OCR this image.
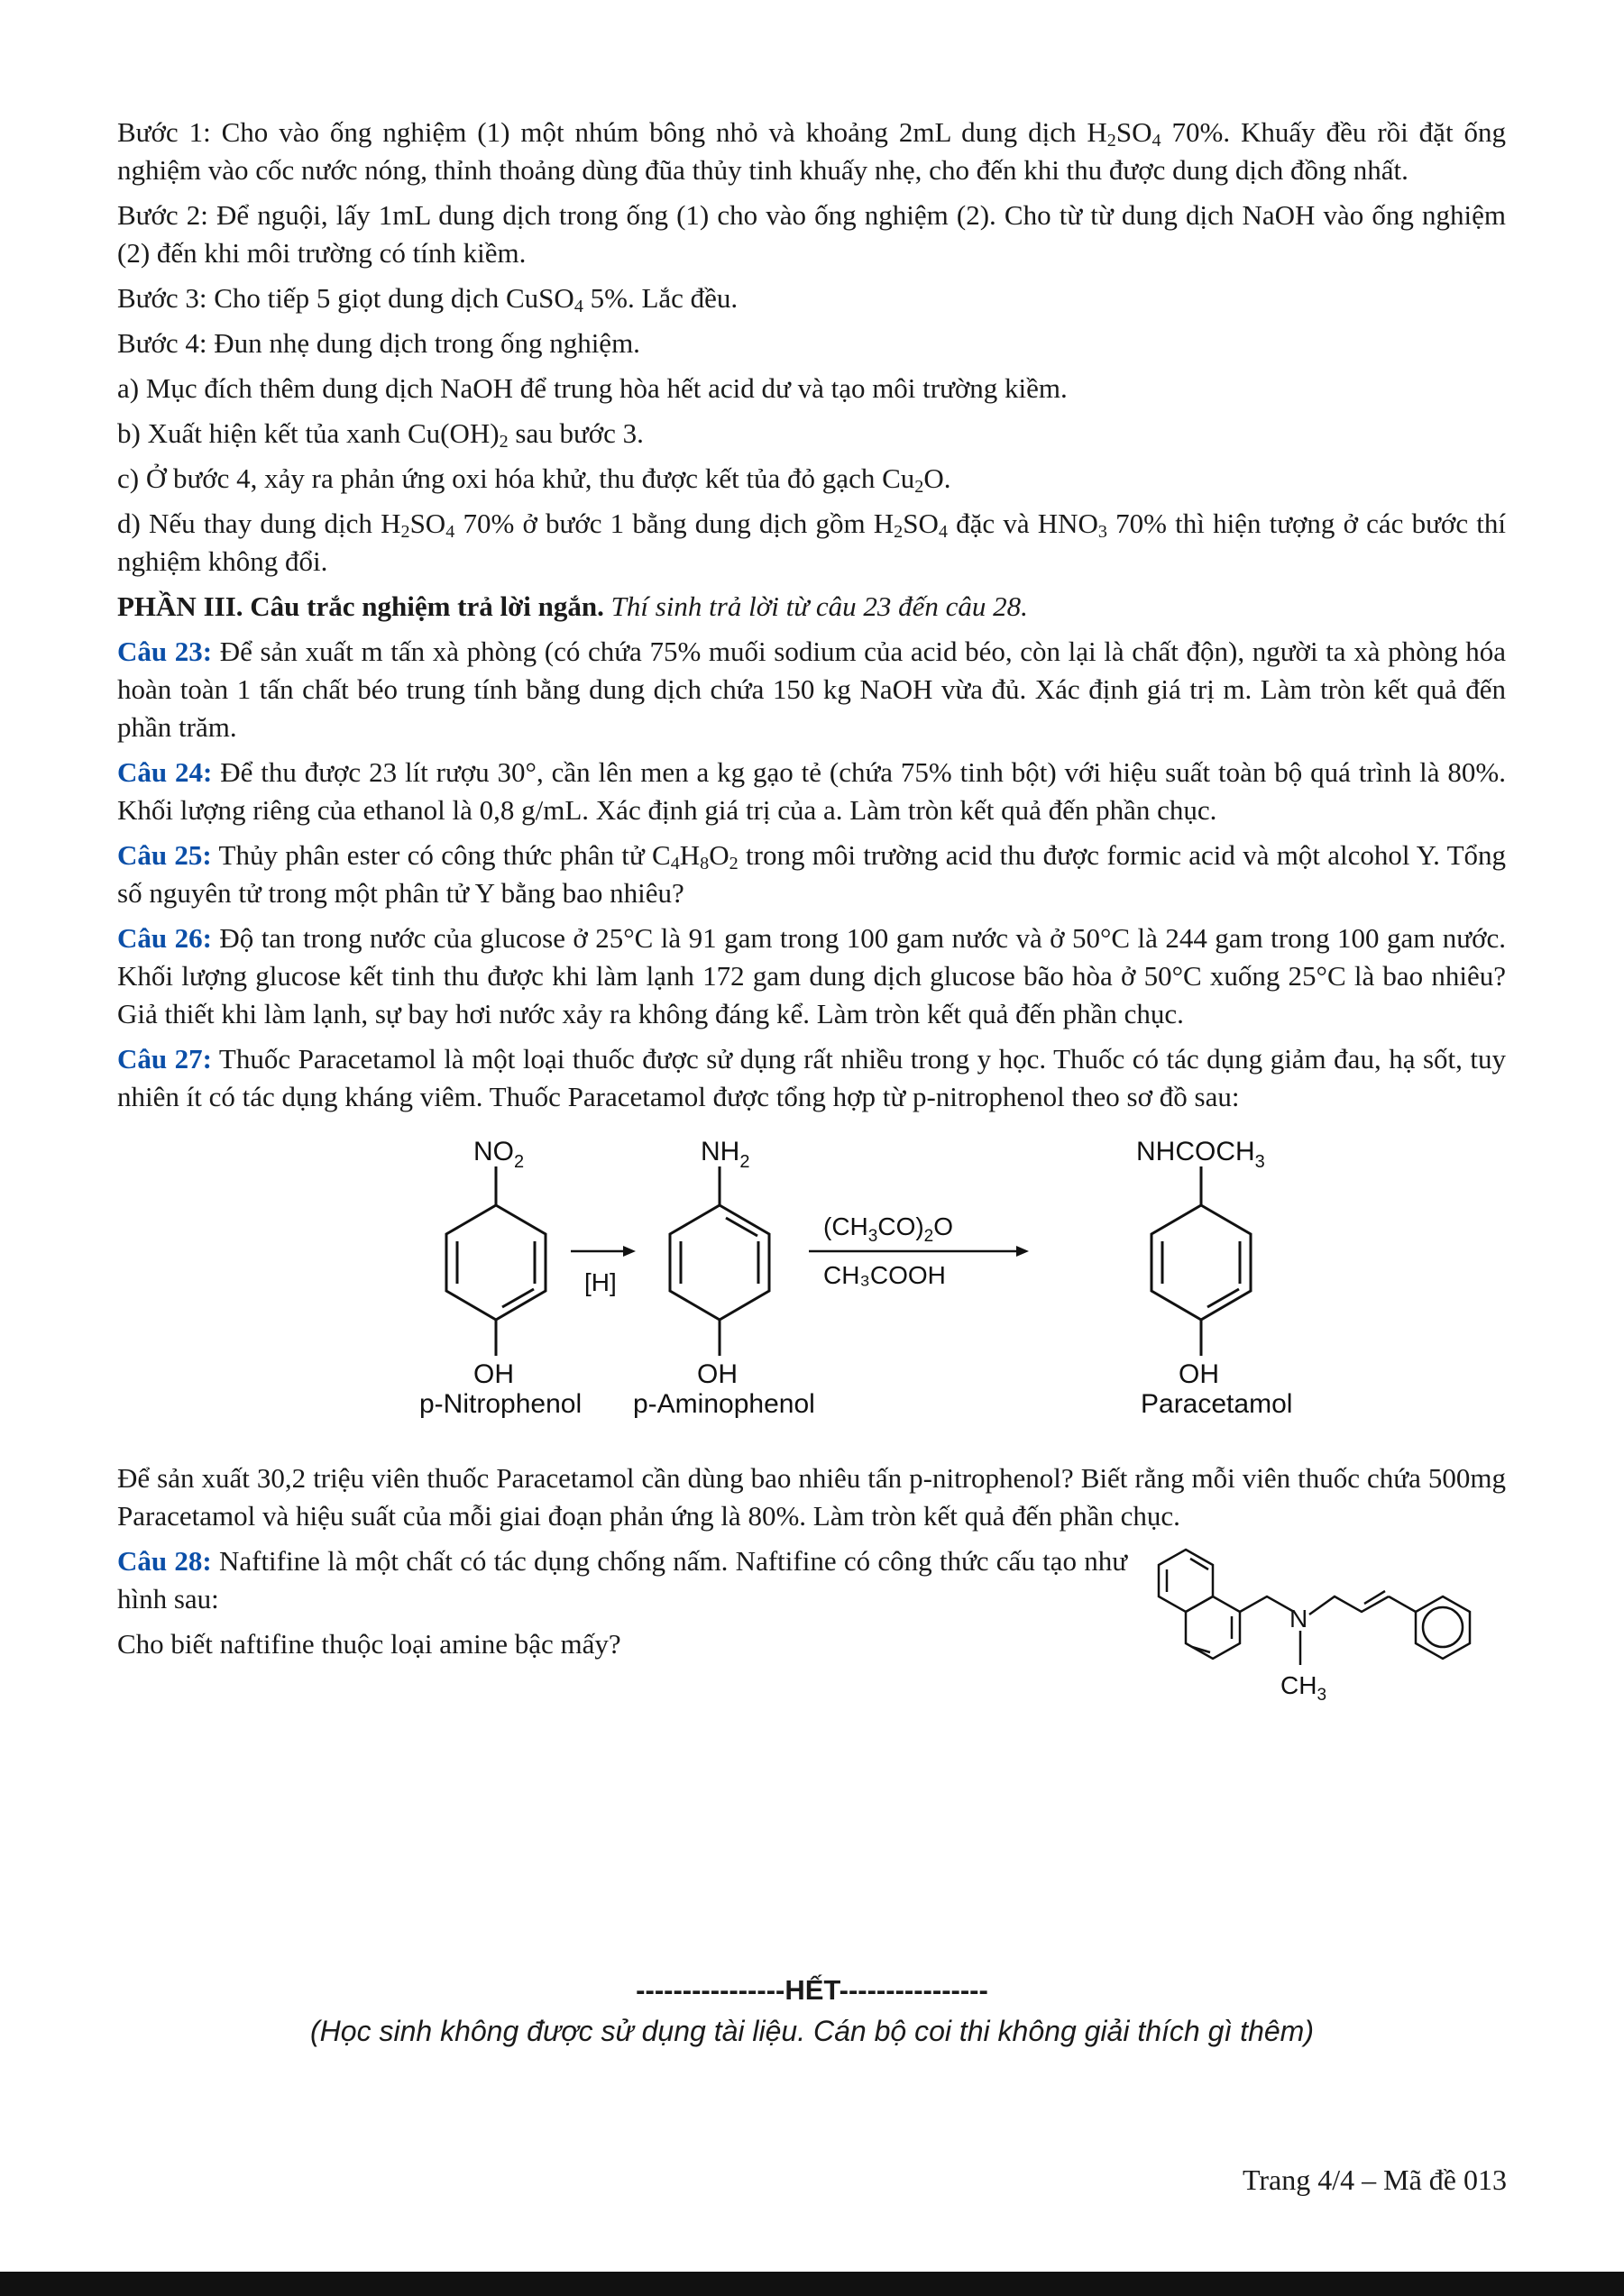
Bước 1: Cho vào ống nghiệm (1) một nhúm bông nhỏ và khoảng 2mL dung dịch $H_2SO_4$ 70%. Khuấy đều rồi đặt ống nghiệm vào cốc nước nóng, thỉnh thoảng dùng đũa thủy tinh khuấy nhẹ, cho đến khi thu được dung dịch đồng nhất.

Bước 2: Để nguội, lấy 1mL dung dịch trong ống (1) cho vào ống nghiệm (2). Cho từ từ dung dịch NaOH vào ống nghiệm (2) đến khi môi trường có tính kiềm.

Bước 3: Cho tiếp 5 giọt dung dịch CuSO$_4$ 5%. Lắc đều.

Bước 4: Đun nhẹ dung dịch trong ống nghiệm.

a) Mục đích thêm dung dịch NaOH để trung hòa hết acid dư và tạo môi trường kiềm.

b) Xuất hiện kết tủa xanh $Cu(OH)_2$ sau bước 3.

c) Ở bước 4, xảy ra phản ứng oxi hóa khử, thu được kết tủa đỏ gạch $Cu_2O$.

d) Nếu thay dung dịch $H_2SO_4$ 70% ở bước 1 bằng dung dịch gồm $H_2SO_4$ đặc và $HNO_3$ 70% thì hiện tượng ở các bước thí nghiệm không đổi.

PHẦN III. Câu trắc nghiệm trả lời ngắn. Thí sinh trả lời từ câu 23 đến câu 28.

Câu 23: Để sản xuất m tấn xà phòng (có chứa 75% muối sodium của acid béo, còn lại là chất độn), người ta xà phòng hóa hoàn toàn 1 tấn chất béo trung tính bằng dung dịch chứa 150 kg NaOH vừa đủ. Xác định giá trị m. Làm tròn kết quả đến phần trăm.

Câu 24: Để thu được 23 lít rượu 30°, cần lên men a kg gạo tẻ (chứa 75% tinh bột) với hiệu suất toàn bộ quá trình là 80%. Khối lượng riêng của ethanol là 0,8 g/mL. Xác định giá trị của a. Làm tròn kết quả đến phần chục.

Câu 25: Thủy phân ester có công thức phân tử $C_4H_8O_2$ trong môi trường acid thu được formic acid và một alcohol Y. Tổng số nguyên tử trong một phân tử Y bằng bao nhiêu?

Câu 26: Độ tan trong nước của glucose ở 25°C là 91 gam trong 100 gam nước và ở 50°C là 244 gam trong 100 gam nước. Khối lượng glucose kết tinh thu được khi làm lạnh 172 gam dung dịch glucose bão hòa ở 50°C xuống 25°C là bao nhiêu? Giả thiết khi làm lạnh, sự bay hơi nước xảy ra không đáng kể. Làm tròn kết quả đến phần chục.

Câu 27: Thuốc Paracetamol là một loại thuốc được sử dụng rất nhiều trong y học. Thuốc có tác dụng giảm đau, hạ sốt, tuy nhiên ít có tác dụng kháng viêm. Thuốc Paracetamol được tổng hợp từ p-nitrophenol theo sơ đồ sau:

$NO_2$
OH
[H]
$NH_2$
OH
$(CH_3CO)_2O$
CH₃COOH
$NHCOCH_3$
OH
p-Nitrophenol p-Aminophenol	Paracetamol

Để sản xuất 30,2 triệu viên thuốc Paracetamol cần dùng bao nhiêu tấn p-nitrophenol? Biết rằng mỗi viên thuốc chứa 500mg Paracetamol và hiệu suất của mỗi giai đoạn phản ứng là 80%. Làm tròn kết quả đến phần chục.

Câu 28: Naftifine là một chất có tác dụng chống nấm. Naftifine có công thức cấu tạo như hình sau:

Cho biết naftifine thuộc loại amine bậc mấy?

N
$CH_3$
----------------HẾT----------------
(Học sinh không được sử dụng tài liệu. Cán bộ coi thi không giải thích gì thêm)
Trang 4/4 – Mã đề 013
